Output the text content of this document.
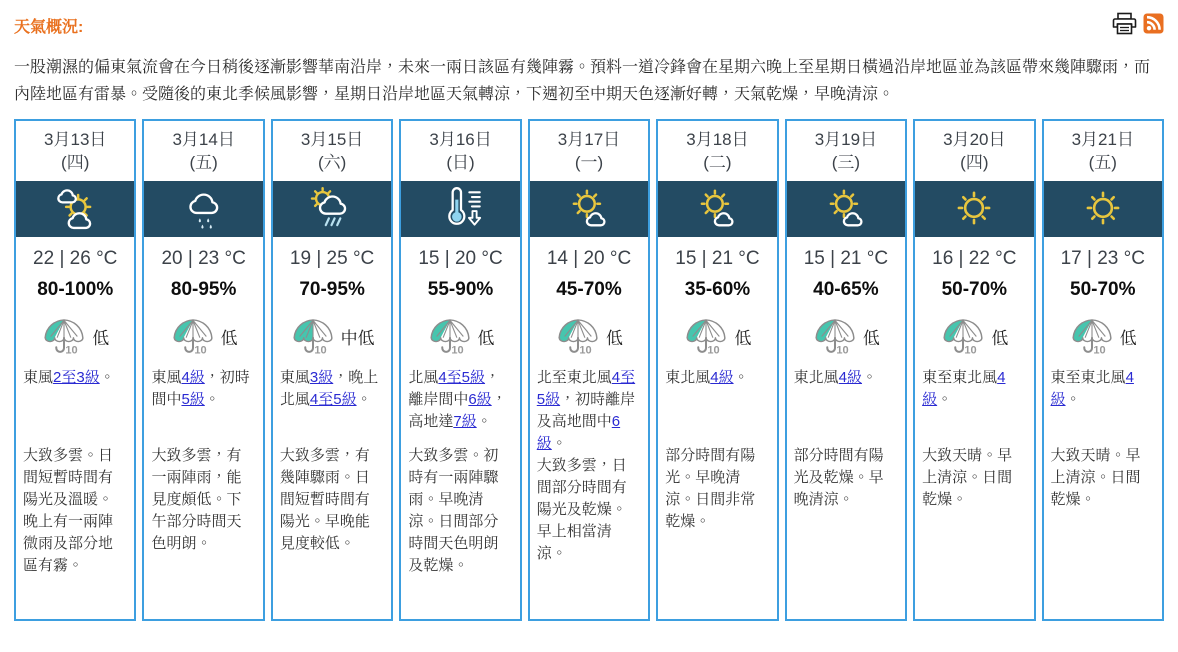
天氣概況:

一股潮濕的偏東氣流會在今日稍後逐漸影響華南沿岸，未來一兩日該區有幾陣霧。預料一道冷鋒會在星期六晚上至星期日橫過沿岸地區並為該區帶來幾陣驟雨，而內陸地區有雷暴。受隨後的東北季候風影響，星期日沿岸地區天氣轉涼，下週初至中期天色逐漸好轉，天氣乾燥，早晚清涼。

3月13日
(四)
22 | 26 °C
80-100%
低
東風2至3級。
大致多雲。日間短暫時間有陽光及溫暖。晚上有一兩陣微雨及部分地區有霧。
3月14日
(五)
20 | 23 °C
80-95%
低
東風4級，初時間中5級。
大致多雲，有一兩陣雨，能見度頗低。下午部分時間天色明朗。
3月15日
(六)
19 | 25 °C
70-95%
中低
東風3級，晚上北風4至5級。
大致多雲，有幾陣驟雨。日間短暫時間有陽光。早晚能見度較低。
3月16日
(日)
15 | 20 °C
55-90%
低
北風4至5級，離岸間中6級，高地達7級。
大致多雲。初時有一兩陣驟雨。早晚清涼。日間部分時間天色明朗及乾燥。
3月17日
(一)
14 | 20 °C
45-70%
低
北至東北風4至5級，初時離岸及高地間中6級。
大致多雲，日間部分時間有陽光及乾燥。早上相當清涼。
3月18日
(二)
15 | 21 °C
35-60%
低
東北風4級。
部分時間有陽光。早晚清涼。日間非常乾燥。
3月19日
(三)
15 | 21 °C
40-65%
低
東北風4級。
部分時間有陽光及乾燥。早晚清涼。
3月20日
(四)
16 | 22 °C
50-70%
低
東至東北風4級。
大致天晴。早上清涼。日間乾燥。
3月21日
(五)
17 | 23 °C
50-70%
低
東至東北風4級。
大致天晴。早上清涼。日間乾燥。
